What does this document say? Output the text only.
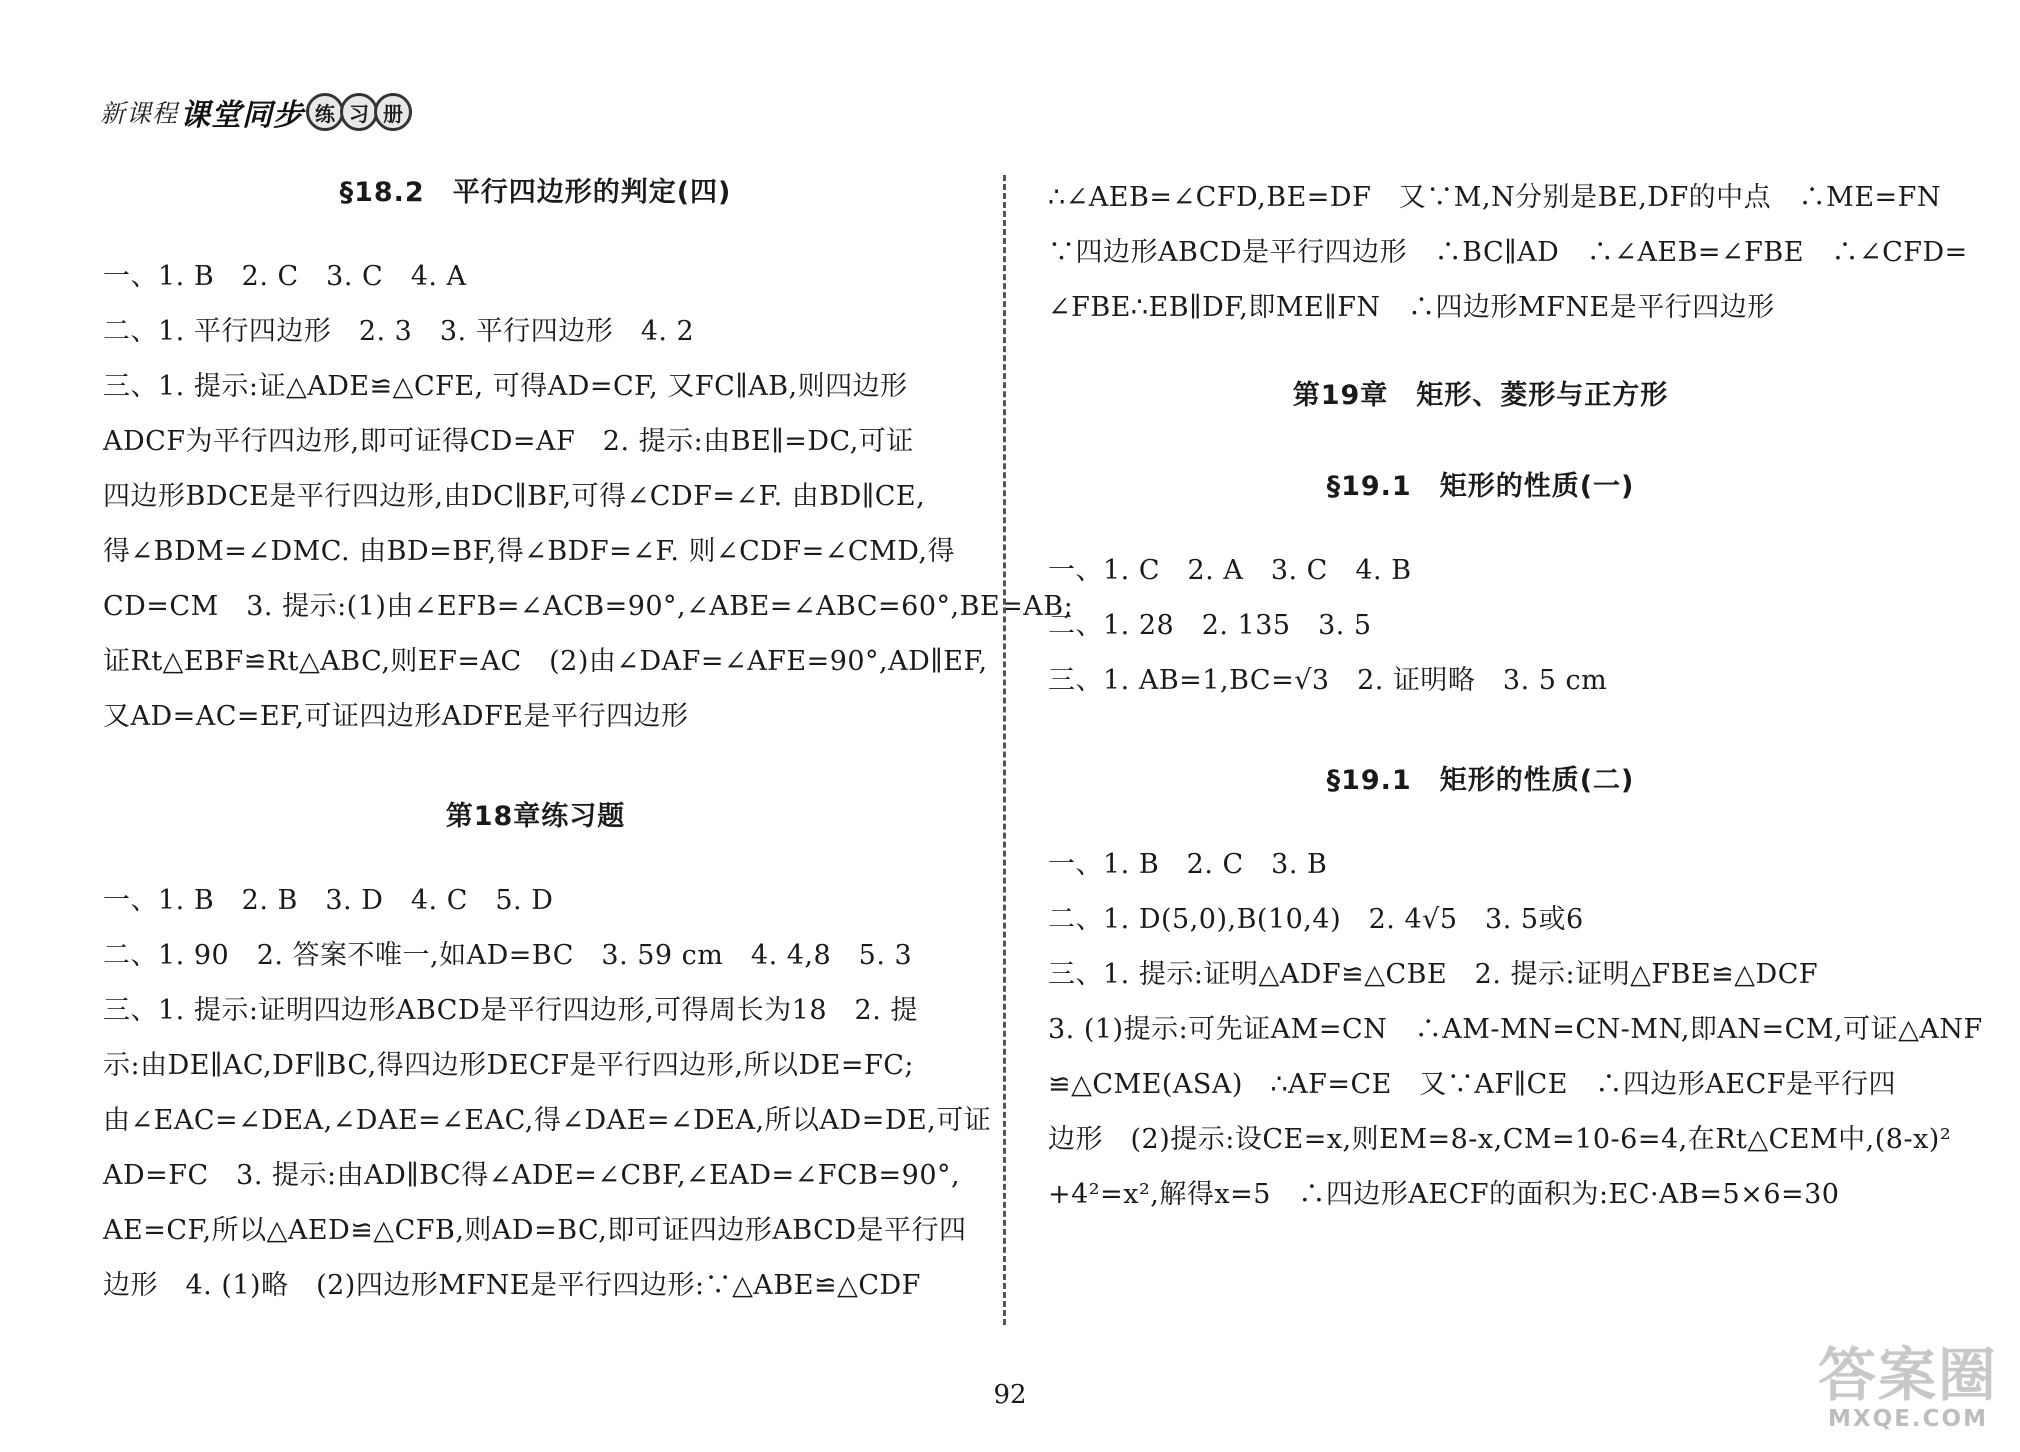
新课程 课堂同步 练 习 册
§18.2　平行四边形的判定(四)
一、1. B　2. C　3. C　4. A
二、1. 平行四边形　2. 3　3. 平行四边形　4. 2
三、1. 提示:证△ADE≌△CFE, 可得AD=CF, 又FC∥AB,则四边形
ADCF为平行四边形,即可证得CD=AF　2. 提示:由BE∥=DC,可证
四边形BDCE是平行四边形,由DC∥BF,可得∠CDF=∠F. 由BD∥CE,
得∠BDM=∠DMC. 由BD=BF,得∠BDF=∠F. 则∠CDF=∠CMD,得
CD=CM　3. 提示:(1)由∠EFB=∠ACB=90°,∠ABE=∠ABC=60°,BE=AB;
证Rt△EBF≌Rt△ABC,则EF=AC　(2)由∠DAF=∠AFE=90°,AD∥EF,
又AD=AC=EF,可证四边形ADFE是平行四边形
第18章练习题
一、1. B　2. B　3. D　4. C　5. D
二、1. 90　2. 答案不唯一,如AD=BC　3. 59 cm　4. 4,8　5. 3
三、1. 提示:证明四边形ABCD是平行四边形,可得周长为18　2. 提
示:由DE∥AC,DF∥BC,得四边形DECF是平行四边形,所以DE=FC;
由∠EAC=∠DEA,∠DAE=∠EAC,得∠DAE=∠DEA,所以AD=DE,可证
AD=FC　3. 提示:由AD∥BC得∠ADE=∠CBF,∠EAD=∠FCB=90°,
AE=CF,所以△AED≌△CFB,则AD=BC,即可证四边形ABCD是平行四
边形　4. (1)略　(2)四边形MFNE是平行四边形:∵△ABE≌△CDF
∴∠AEB=∠CFD,BE=DF　又∵M,N分别是BE,DF的中点　∴ME=FN
∵四边形ABCD是平行四边形　∴BC∥AD　∴∠AEB=∠FBE　∴∠CFD=
∠FBE∴EB∥DF,即ME∥FN　∴四边形MFNE是平行四边形
第19章　矩形、菱形与正方形
§19.1　矩形的性质(一)
一、1. C　2. A　3. C　4. B
二、1. 28　2. 135　3. 5
三、1. AB=1,BC=√3　2. 证明略　3. 5 cm
§19.1　矩形的性质(二)
一、1. B　2. C　3. B
二、1. D(5,0),B(10,4)　2. 4√5　3. 5或6
三、1. 提示:证明△ADF≌△CBE　2. 提示:证明△FBE≌△DCF
3. (1)提示:可先证AM=CN　∴AM-MN=CN-MN,即AN=CM,可证△ANF
≌△CME(ASA)　∴AF=CE　又∵AF∥CE　∴四边形AECF是平行四
边形　(2)提示:设CE=x,则EM=8-x,CM=10-6=4,在Rt△CEM中,(8-x)²
+4²=x²,解得x=5　∴四边形AECF的面积为:EC·AB=5×6=30
92	答案圈
MXQE.COM
